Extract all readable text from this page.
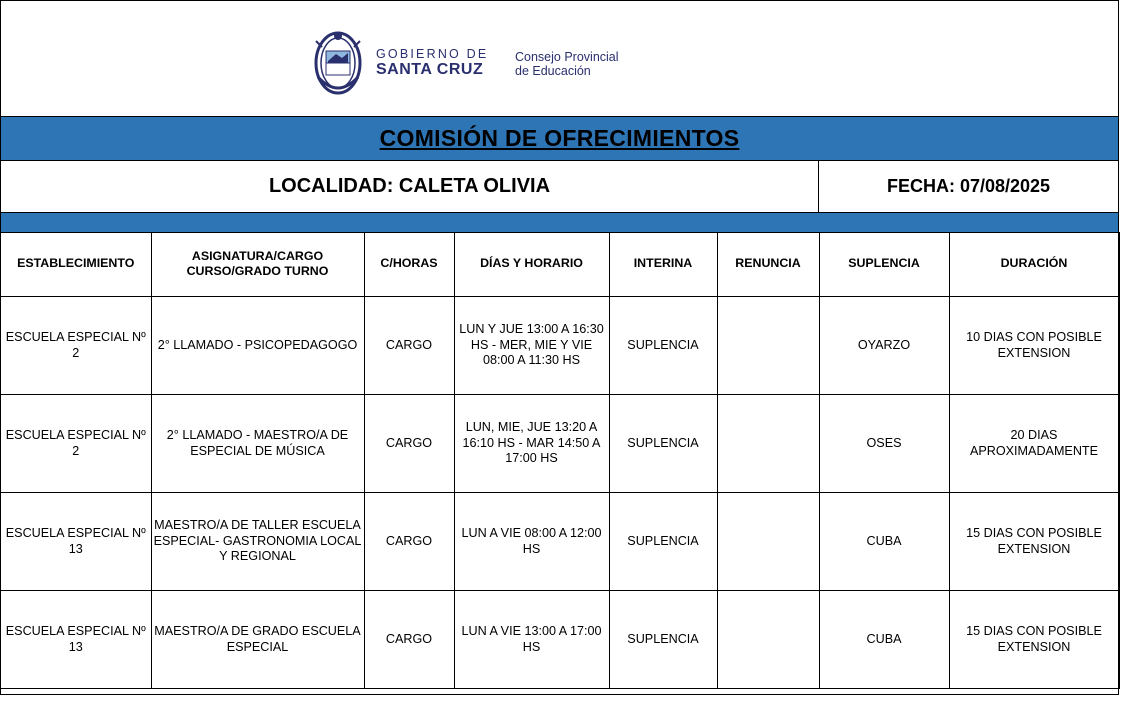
GOBIERNO DE
SANTA CRUZ
Consejo Provincial
de Educación
COMISIÓN DE OFRECIMIENTOS
LOCALIDAD: CALETA OLIVIA	FECHA: 07/08/2025
ESTABLECIMIENTO	ASIGNATURA/CARGO CURSO/GRADO TURNO	C/HORAS	DÍAS Y HORARIO	INTERINA	RENUNCIA	SUPLENCIA	DURACIÓN
ESCUELA ESPECIAL Nº 2	2° LLAMADO - PSICOPEDAGOGO	CARGO	LUN Y JUE 13:00 A 16:30 HS - MER, MIE Y VIE 08:00 A 11:30 HS	SUPLENCIA		OYARZO	10 DIAS CON POSIBLE EXTENSION
ESCUELA ESPECIAL Nº 2	2° LLAMADO - MAESTRO/A DE ESPECIAL DE MÚSICA	CARGO	LUN, MIE, JUE 13:20 A 16:10 HS - MAR 14:50 A 17:00 HS	SUPLENCIA		OSES	20 DIAS APROXIMADAMENTE
ESCUELA ESPECIAL Nº 13	MAESTRO/A DE TALLER ESCUELA ESPECIAL- GASTRONOMIA LOCAL Y REGIONAL	CARGO	LUN A VIE 08:00 A 12:00 HS	SUPLENCIA		CUBA	15 DIAS CON POSIBLE EXTENSION
ESCUELA ESPECIAL Nº 13	MAESTRO/A DE GRADO ESCUELA ESPECIAL	CARGO	LUN A VIE 13:00 A 17:00 HS	SUPLENCIA		CUBA	15 DIAS CON POSIBLE EXTENSION
